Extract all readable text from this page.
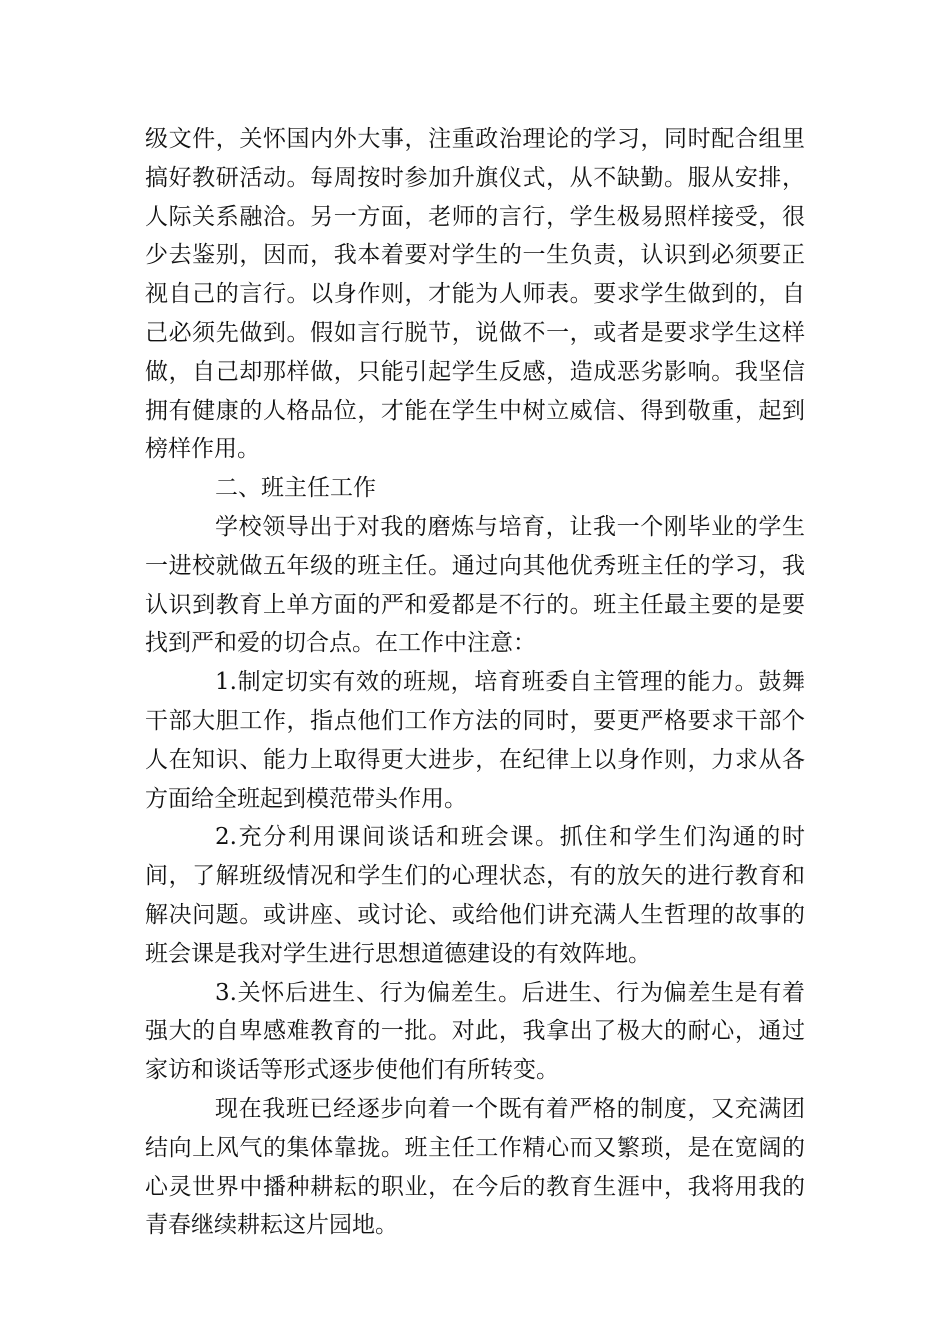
级文件，关怀国内外大事，注重政治理论的学习，同时配合组里搞好教研活动。每周按时参加升旗仪式，从不缺勤。服从安排，人际关系融洽。另一方面，老师的言行，学生极易照样接受，很少去鉴别，因而，我本着要对学生的一生负责，认识到必须要正视自己的言行。以身作则，才能为人师表。要求学生做到的，自己必须先做到。假如言行脱节，说做不一，或者是要求学生这样做，自己却那样做，只能引起学生反感，造成恶劣影响。我坚信拥有健康的人格品位，才能在学生中树立威信、得到敬重，起到榜样作用。

二、班主任工作

学校领导出于对我的磨炼与培育，让我一个刚毕业的学生一进校就做五年级的班主任。通过向其他优秀班主任的学习，我认识到教育上单方面的严和爱都是不行的。班主任最主要的是要找到严和爱的切合点。在工作中注意：

1.制定切实有效的班规，培育班委自主管理的能力。鼓舞干部大胆工作，指点他们工作方法的同时，要更严格要求干部个人在知识、能力上取得更大进步，在纪律上以身作则，力求从各方面给全班起到模范带头作用。

2.充分利用课间谈话和班会课。抓住和学生们沟通的时间，了解班级情况和学生们的心理状态，有的放矢的进行教育和解决问题。或讲座、或讨论、或给他们讲充满人生哲理的故事的班会课是我对学生进行思想道德建设的有效阵地。

3.关怀后进生、行为偏差生。后进生、行为偏差生是有着强大的自卑感难教育的一批。对此，我拿出了极大的耐心，通过家访和谈话等形式逐步使他们有所转变。

现在我班已经逐步向着一个既有着严格的制度，又充满团结向上风气的集体靠拢。班主任工作精心而又繁琐，是在宽阔的心灵世界中播种耕耘的职业，在今后的教育生涯中，我将用我的青春继续耕耘这片园地。
